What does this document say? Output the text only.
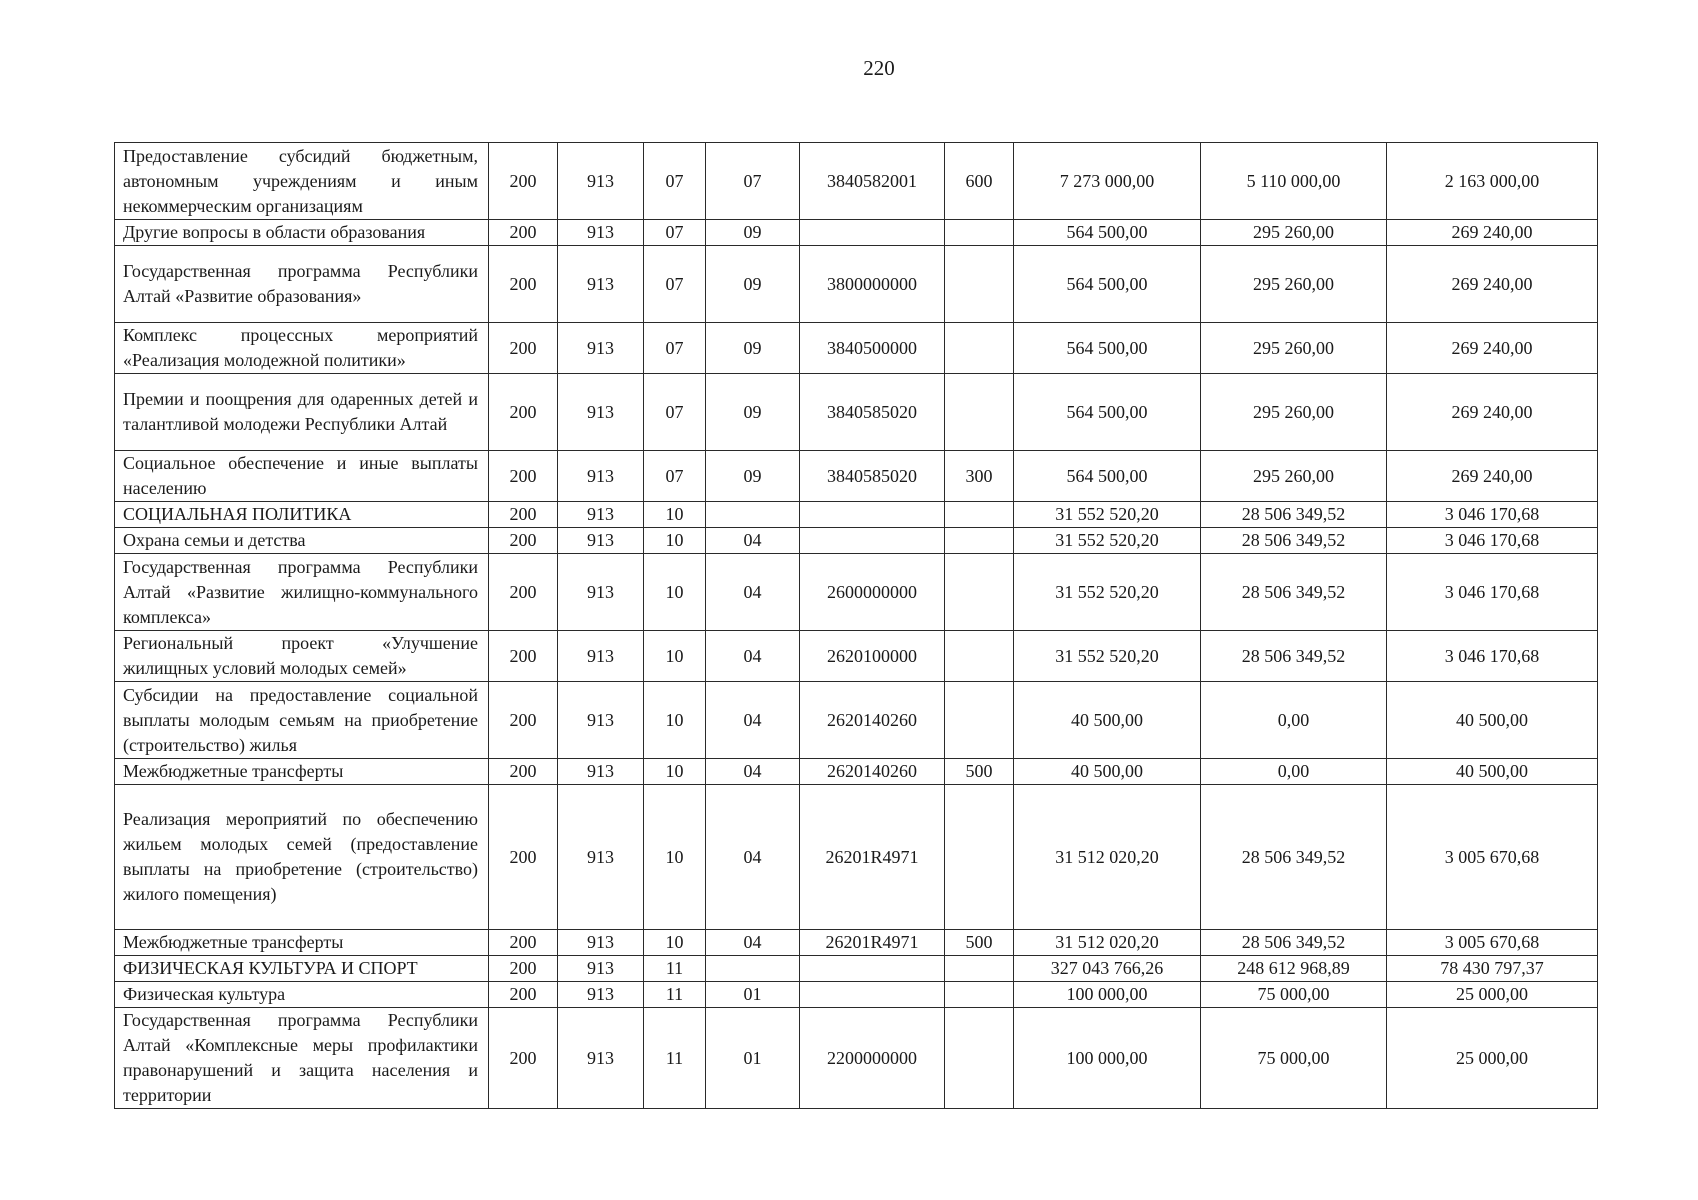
220
Предоставление субсидий бюджетным, автономным учреждениям и иным некоммерческим организациям	200	913	07	07	3840582001	600	7 273 000,00	5 110 000,00	2 163 000,00
Другие вопросы в области образования	200	913	07	09			564 500,00	295 260,00	269 240,00
Государственная программа Республики Алтай «Развитие образования»	200	913	07	09	3800000000		564 500,00	295 260,00	269 240,00
Комплекс процессных мероприятий «Реализация молодежной политики»	200	913	07	09	3840500000		564 500,00	295 260,00	269 240,00
Премии и поощрения для одаренных детей и талантливой молодежи Республики Алтай	200	913	07	09	3840585020		564 500,00	295 260,00	269 240,00
Социальное обеспечение и иные выплаты населению	200	913	07	09	3840585020	300	564 500,00	295 260,00	269 240,00
СОЦИАЛЬНАЯ ПОЛИТИКА	200	913	10				31 552 520,20	28 506 349,52	3 046 170,68
Охрана семьи и детства	200	913	10	04			31 552 520,20	28 506 349,52	3 046 170,68
Государственная программа Республики Алтай «Развитие жилищно-коммунального комплекса»	200	913	10	04	2600000000		31 552 520,20	28 506 349,52	3 046 170,68
Региональный проект «Улучшение жилищных условий молодых семей»	200	913	10	04	2620100000		31 552 520,20	28 506 349,52	3 046 170,68
Субсидии на предоставление социальной выплаты молодым семьям на приобретение (строительство) жилья	200	913	10	04	2620140260		40 500,00	0,00	40 500,00
Межбюджетные трансферты	200	913	10	04	2620140260	500	40 500,00	0,00	40 500,00
Реализация мероприятий по обеспечению жильем молодых семей (предоставление выплаты на приобретение (строительство) жилого помещения)	200	913	10	04	26201R4971		31 512 020,20	28 506 349,52	3 005 670,68
Межбюджетные трансферты	200	913	10	04	26201R4971	500	31 512 020,20	28 506 349,52	3 005 670,68
ФИЗИЧЕСКАЯ КУЛЬТУРА И СПОРТ	200	913	11				327 043 766,26	248 612 968,89	78 430 797,37
Физическая культура	200	913	11	01			100 000,00	75 000,00	25 000,00
Государственная программа Республики Алтай «Комплексные меры профилактики правонарушений и защита населения и территории	200	913	11	01	2200000000		100 000,00	75 000,00	25 000,00
